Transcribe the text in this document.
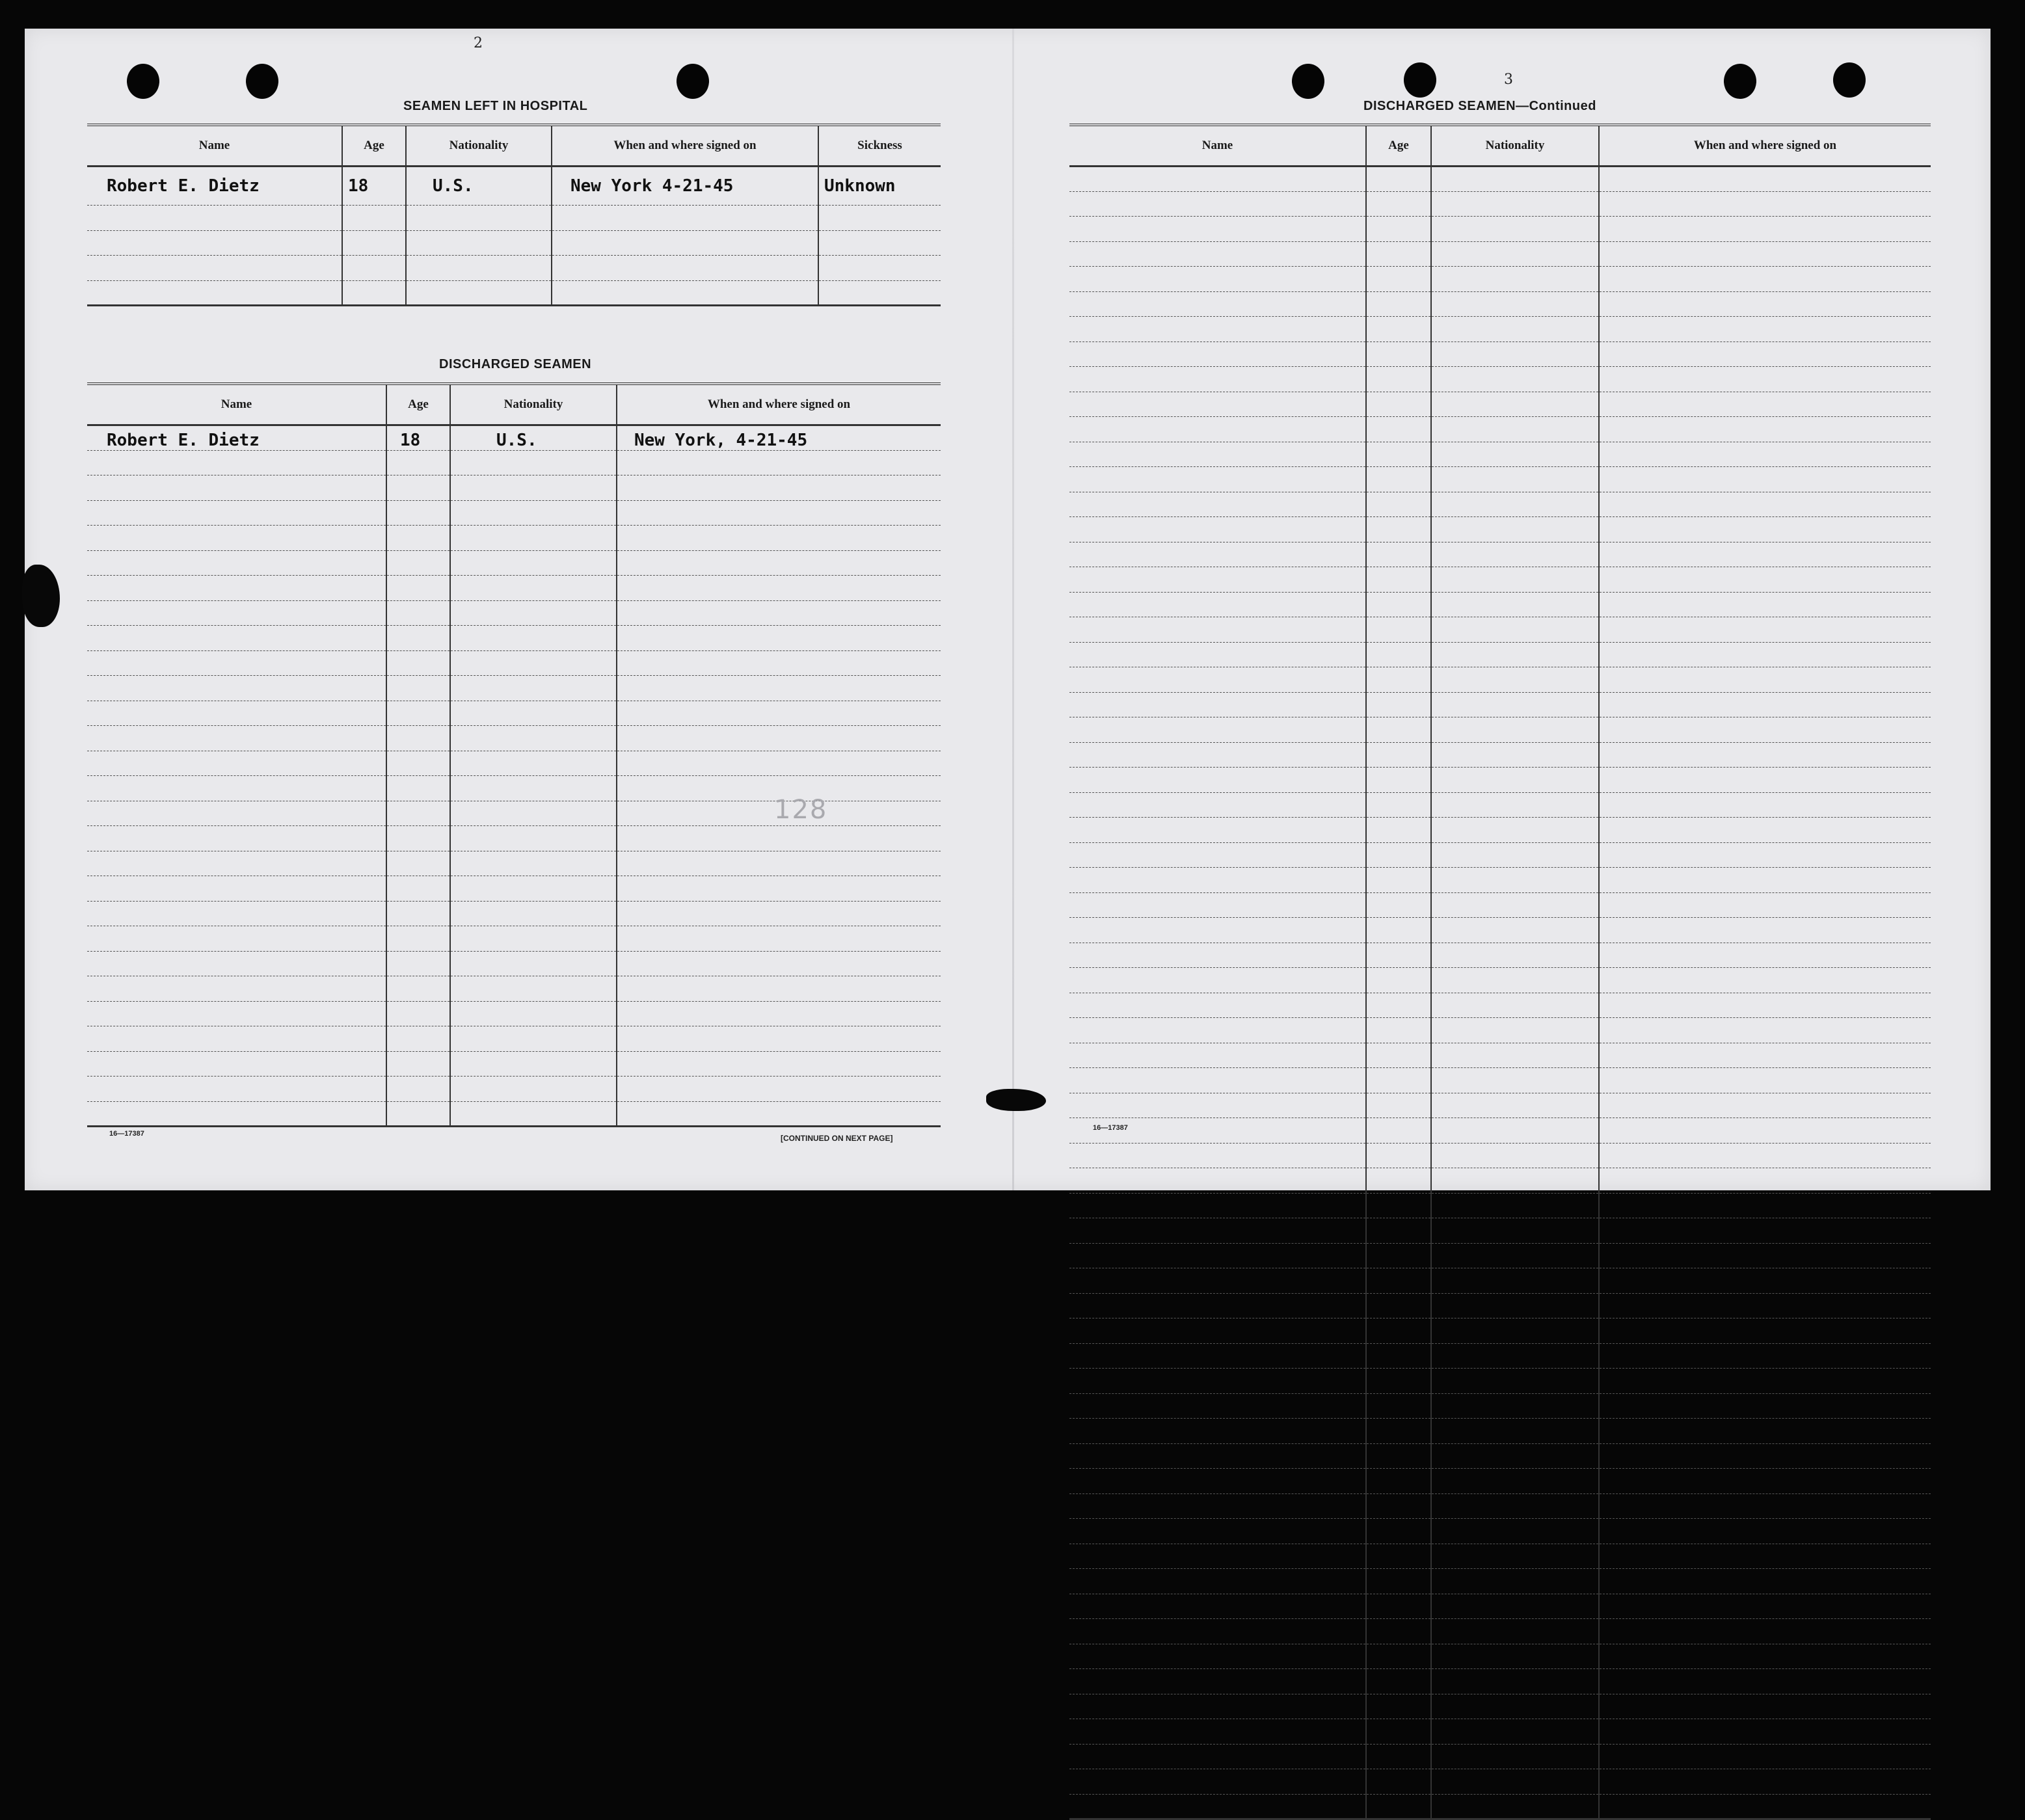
2
SEAMEN LEFT IN HOSPITAL
Name	Age	Nationality	When and where signed on	Sickness
Robert E. Dietz	18	U.S.	New York 4-21-45	Unknown

DISCHARGED SEAMEN
Name	Age	Nationality	When and where signed on
Robert E. Dietz	18	U.S.	New York, 4-21-45

128
16—17387	[CONTINUED ON NEXT PAGE]
3
DISCHARGED SEAMEN—Continued
Name	Age	Nationality	When and where signed on

16—17387
